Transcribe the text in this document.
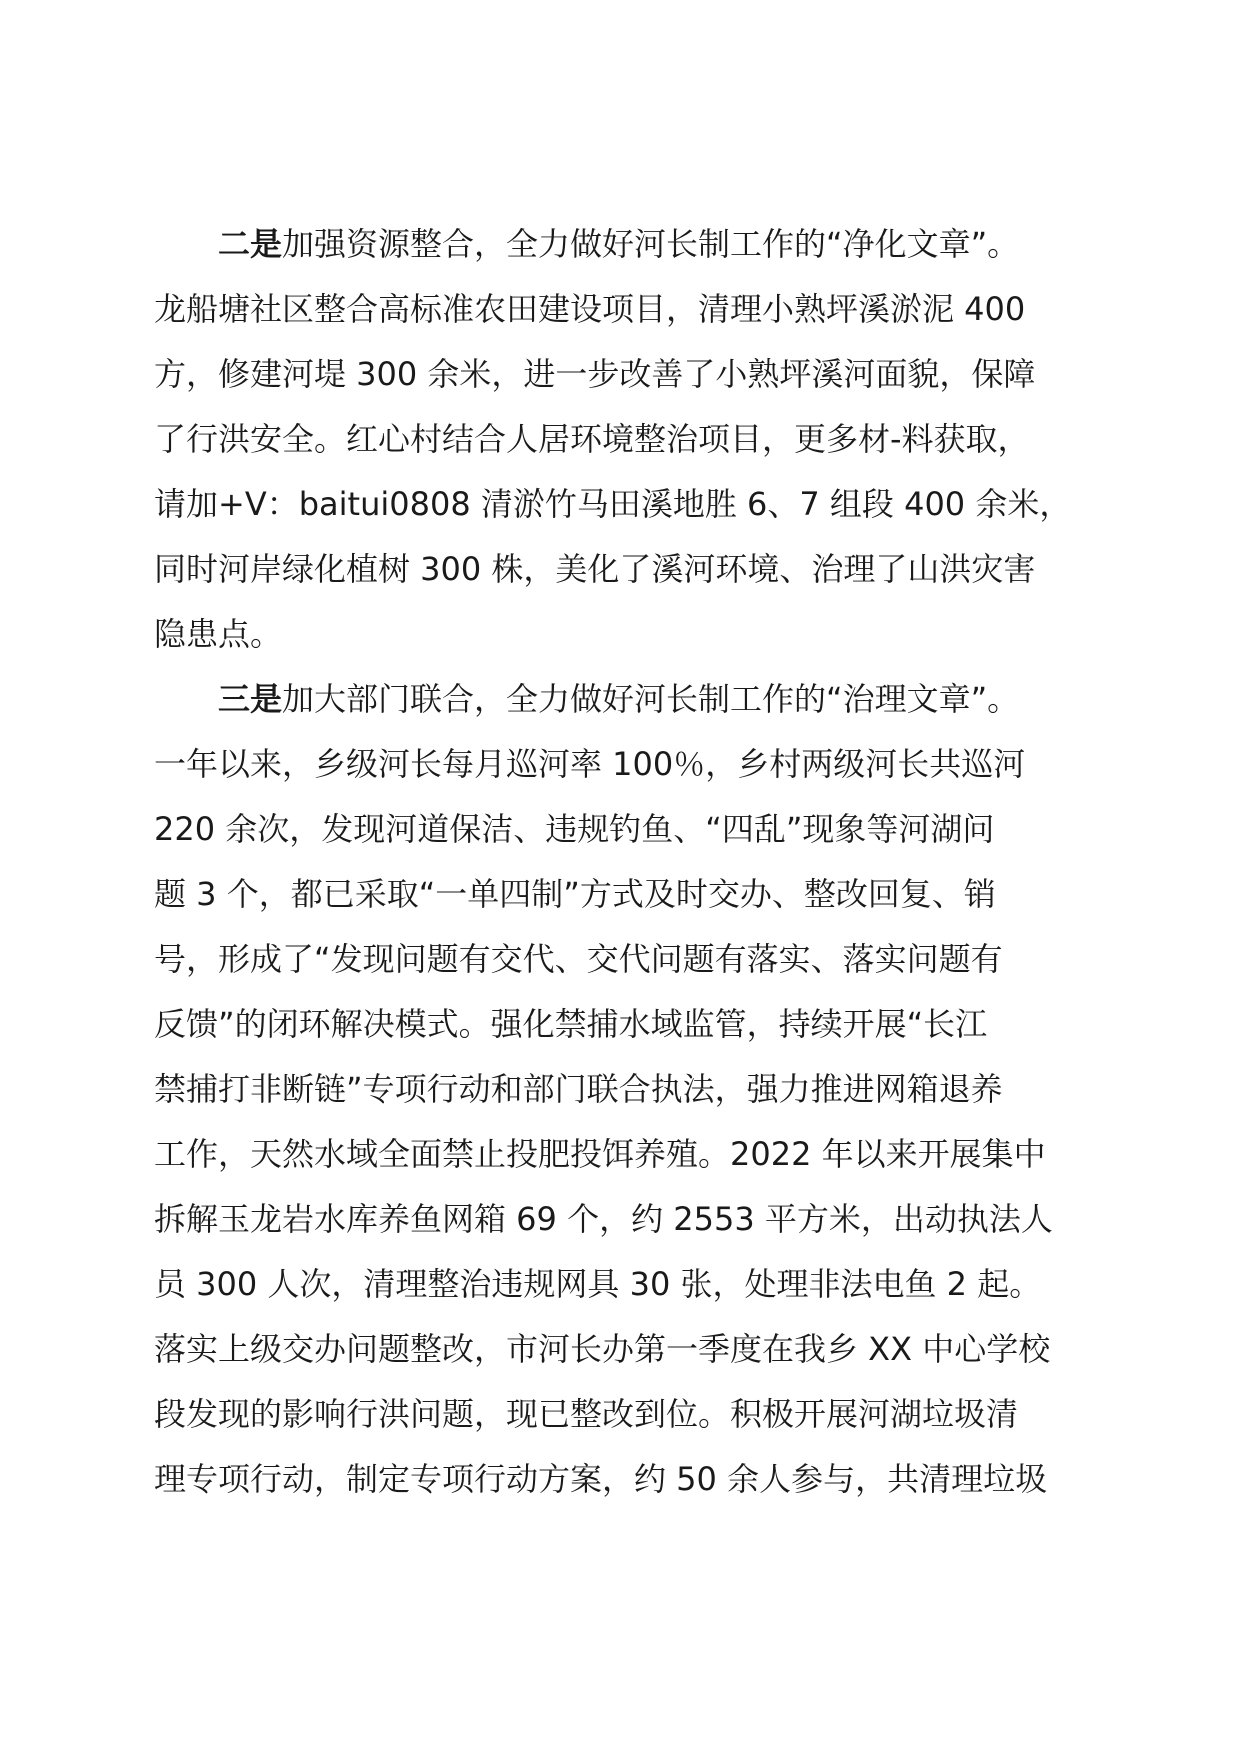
二是加强资源整合，全力做好河长制工作的“净化文章”。
龙船塘社区整合高标准农田建设项目，清理小熟坪溪淤泥 400
方，修建河堤 300 余米，进一步改善了小熟坪溪河面貌，保障
了行洪安全。红心村结合人居环境整治项目，更多材-料获取，
请加+V：baitui0808 清淤竹马田溪地胜 6、7 组段 400 余米，
同时河岸绿化植树 300 株，美化了溪河环境、治理了山洪灾害
隐患点。
三是加大部门联合，全力做好河长制工作的“治理文章”。
一年以来，乡级河长每月巡河率 100％，乡村两级河长共巡河
220 余次，发现河道保洁、违规钓鱼、“四乱”现象等河湖问
题 3 个，都已采取“一单四制”方式及时交办、整改回复、销
号，形成了“发现问题有交代、交代问题有落实、落实问题有
反馈”的闭环解决模式。强化禁捕水域监管，持续开展“长江
禁捕打非断链”专项行动和部门联合执法，强力推进网箱退养
工作，天然水域全面禁止投肥投饵养殖。2022 年以来开展集中
拆解玉龙岩水库养鱼网箱 69 个，约 2553 平方米，出动执法人
员 300 人次，清理整治违规网具 30 张，处理非法电鱼 2 起。
落实上级交办问题整改，市河长办第一季度在我乡 XX 中心学校
段发现的影响行洪问题，现已整改到位。积极开展河湖垃圾清
理专项行动，制定专项行动方案，约 50 余人参与，共清理垃圾
